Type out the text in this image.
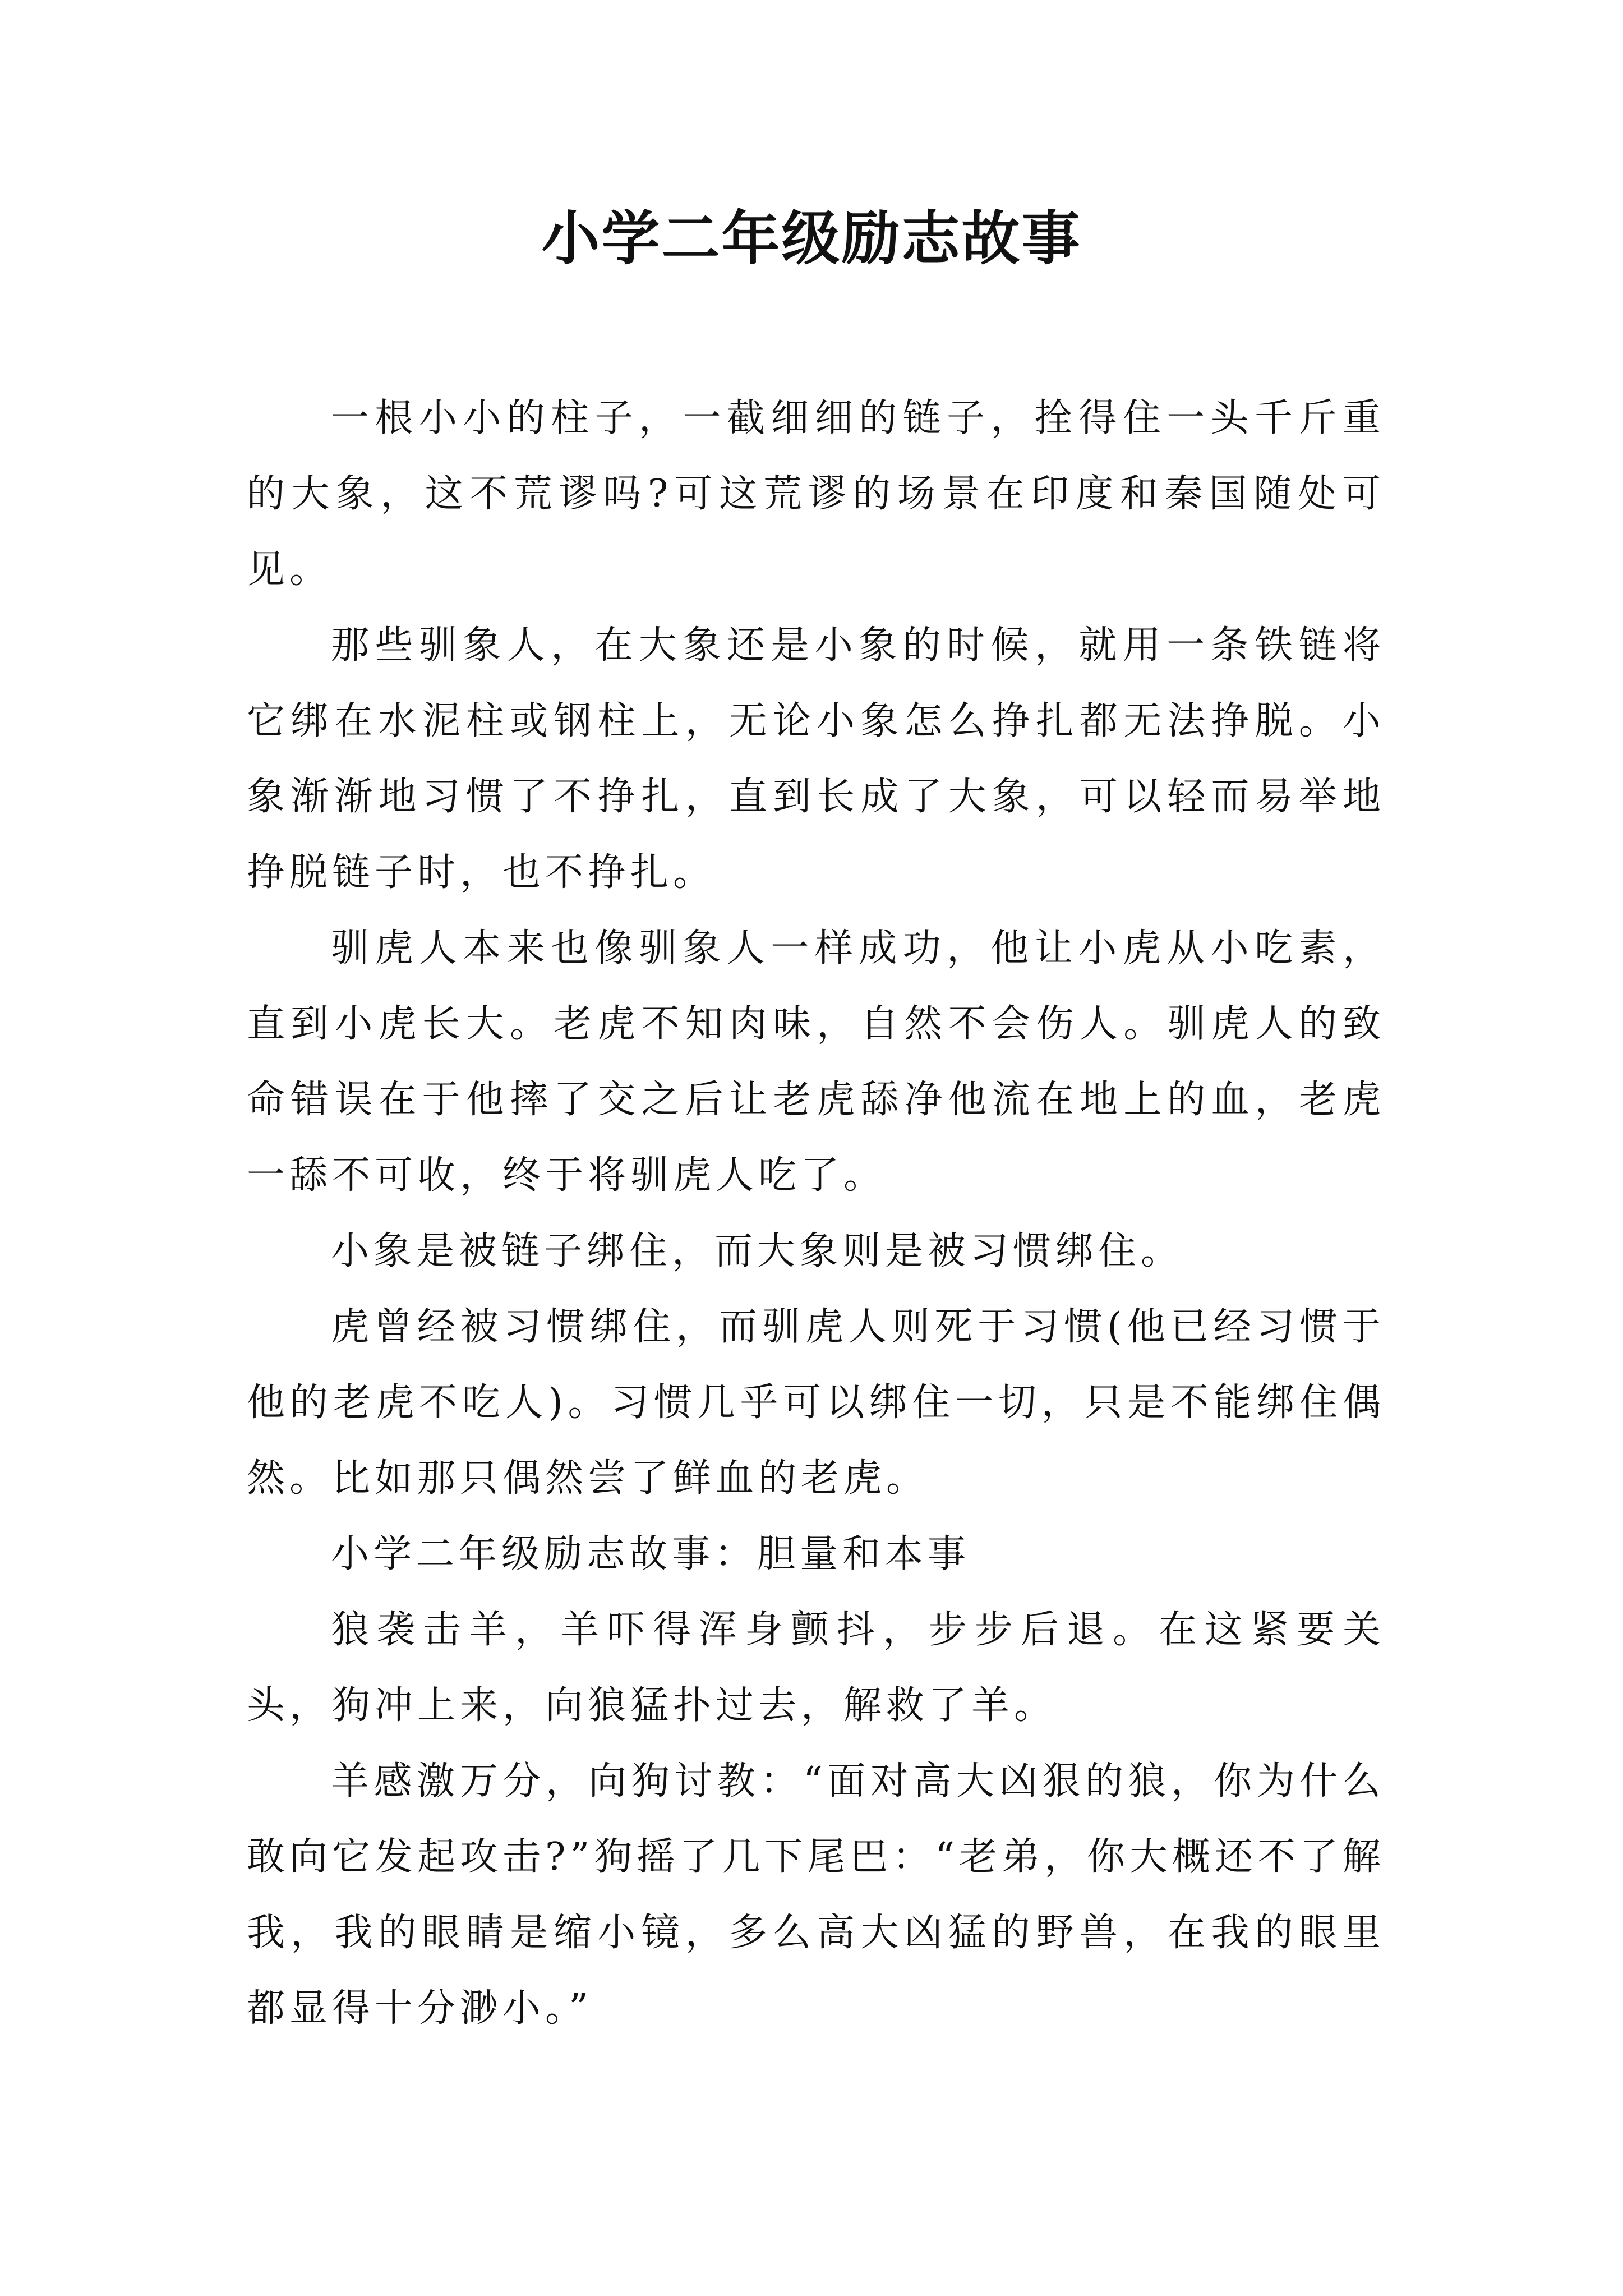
小学二年级励志故事

一根小小的柱子，一截细细的链子，拴得住一头千斤重的大象，这不荒谬吗?可这荒谬的场景在印度和秦国随处可见。

那些驯象人，在大象还是小象的时候，就用一条铁链将它绑在水泥柱或钢柱上，无论小象怎么挣扎都无法挣脱。小象渐渐地习惯了不挣扎，直到长成了大象，可以轻而易举地挣脱链子时，也不挣扎。

驯虎人本来也像驯象人一样成功，他让小虎从小吃素，直到小虎长大。老虎不知肉味，自然不会伤人。驯虎人的致命错误在于他摔了交之后让老虎舔净他流在地上的血，老虎一舔不可收，终于将驯虎人吃了。

小象是被链子绑住，而大象则是被习惯绑住。

虎曾经被习惯绑住，而驯虎人则死于习惯(他已经习惯于他的老虎不吃人)。习惯几乎可以绑住一切，只是不能绑住偶然。比如那只偶然尝了鲜血的老虎。

小学二年级励志故事：胆量和本事

狼袭击羊，羊吓得浑身颤抖，步步后退。在这紧要关头，狗冲上来，向狼猛扑过去，解救了羊。

羊感激万分，向狗讨教：“面对高大凶狠的狼，你为什么敢向它发起攻击?”狗摇了几下尾巴：“老弟，你大概还不了解我，我的眼睛是缩小镜，多么高大凶猛的野兽，在我的眼里都显得十分渺小。”
